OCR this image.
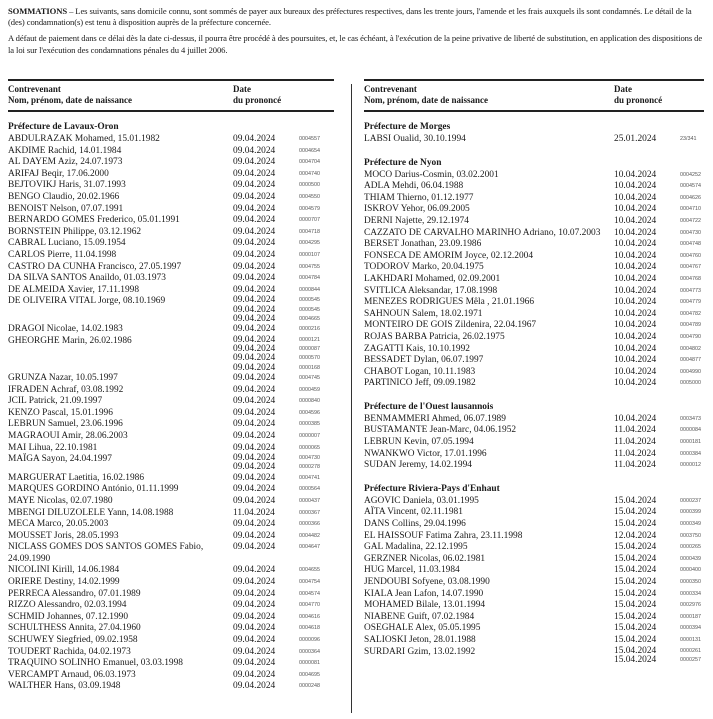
SOMMATIONS – Les suivants, sans domicile connu, sont sommés de payer aux bureaux des préfectures respectives, dans les trente jours, l'amende et les frais auxquels ils sont condamnés. Le détail de la (des) condamnation(s) est tenu à disposition auprès de la préfecture concernée.

A défaut de paiement dans ce délai dès la date ci-dessus, il pourra être procédé à des poursuites, et, le cas échéant, à l'exécution de la peine privative de liberté de substitution, en application des dispositions de la loi sur l'exécution des condamnations pénales du 4 juillet 2006.

Contrevenant
Nom, prénom, date de naissance
Date
du prononcé
Préfecture de Lavaux-Oron
ABDULRAZAK Mohamed, 15.01.1982	09.04.2024	0004557
AKDIME Rachid, 14.01.1984	09.04.2024	0004654
AL DAYEM Aziz, 24.07.1973	09.04.2024	0004704
ARIFAJ Beqir, 17.06.2000	09.04.2024	0004740
BEJTOVIKJ Haris, 31.07.1993	09.04.2024	0000500
BENGO Claudio, 20.02.1966	09.04.2024	0004550
BENOIST Nelson, 07.07.1991	09.04.2024	0004579
BERNARDO GOMES Frederico, 05.01.1991	09.04.2024	0000707
BORNSTEIN Philippe, 03.12.1962	09.04.2024	0004718
CABRAL Luciano, 15.09.1954	09.04.2024	0004295
CARLOS Pierre, 11.04.1998	09.04.2024	0000107
CASTRO DA CUNHA Francisco, 27.05.1997	09.04.2024	0004755
DA SILVA SANTOS Anaildo, 01.03.1973	09.04.2024	0004784
DE ALMEIDA Xavier, 17.11.1998	09.04.2024	0000844
DE OLIVEIRA VITAL Jorge, 08.10.1969	09.04.2024	0000545
09.04.2024	0000545
09.04.2024	0004665
DRAGOI Nicolae, 14.02.1983	09.04.2024	0000216
GHEORGHE Marin, 26.02.1986	09.04.2024	0000121
09.04.2024	0000087
09.04.2024	0000570
09.04.2024	0000168
GRUNZA Nazar, 10.05.1997	09.04.2024	0004745
IFRADEN Achraf, 03.08.1992	09.04.2024	0000459
JCIL Patrick, 21.09.1997	09.04.2024	0000840
KENZO Pascal, 15.01.1996	09.04.2024	0004596
LEBRUN Samuel, 23.06.1996	09.04.2024	0000385
MAGRAOUI Amir, 28.06.2003	09.04.2024	0000007
MAI Lihua, 22.10.1981	09.04.2024	0000065
MAÏGA Sayon, 24.04.1997	09.04.2024	0004730
09.04.2024	0000278
MARGUERAT Laetitia, 16.02.1986	09.04.2024	0004741
MARQUES GORDINO António, 01.11.1999	09.04.2024	0000564
MAYE Nicolas, 02.07.1980	09.04.2024	0000437
MBENGI DILUZOLELE Yann, 14.08.1988	11.04.2024	0000367
MECA Marco, 20.05.2003	09.04.2024	0000366
MOUSSET Joris, 28.05.1993	09.04.2024	0004482
NICLASS GOMES DOS SANTOS GOMES Fabio, 24.09.1990
09.04.2024	0004647
NICOLINI Kirill, 14.06.1984	09.04.2024	0004655
ORIERE Destiny, 14.02.1999	09.04.2024	0004754
PERRECA Alessandro, 07.01.1989	09.04.2024	0004574
RIZZO Alessandro, 02.03.1994	09.04.2024	0004770
SCHMID Johannes, 07.12.1990	09.04.2024	0004616
SCHULTHESS Annita, 27.04.1960	09.04.2024	0004618
SCHUWEY Siegfried, 09.02.1958	09.04.2024	0000096
TOUDERT Rachida, 04.02.1973	09.04.2024	0000364
TRAQUINO SOLINHO Emanuel, 03.03.1998	09.04.2024	0000081
VERCAMPT Arnaud, 06.03.1973	09.04.2024	0004695
WALTHER Hans, 03.09.1948	09.04.2024	0000248
Contrevenant
Nom, prénom, date de naissance
Date
du prononcé
Préfecture de Morges
LABSI Oualid, 30.10.1994	25.01.2024	23/341
Préfecture de Nyon
MOCO Darius-Cosmin, 03.02.2001	10.04.2024	0004252
ADLA Mehdi, 06.04.1988	10.04.2024	0004574
THIAM Thierno, 01.12.1977	10.04.2024	0004626
ISKROV Yehor, 06.09.2005	10.04.2024	0004710
DERNI Najette, 29.12.1974	10.04.2024	0004722
CAZZATO DE CARVALHO MARINHO Adriano, 10.07.2003	10.04.2024	0004730
BERSET Jonathan, 23.09.1986	10.04.2024	0004748
FONSECA DE AMORIM Joyce, 02.12.2004	10.04.2024	0004760
TODOROV Marko, 20.04.1975	10.04.2024	0004767
LAKHDARI Mohamed, 02.09.2001	10.04.2024	0004768
SVITLICA Aleksandar, 17.08.1998	10.04.2024	0004773
MENEZES RODRIGUES Mêla , 21.01.1966	10.04.2024	0004779
SAHNOUN Salem, 18.02.1971	10.04.2024	0004782
MONTEIRO DE GOIS Zildenira, 22.04.1967	10.04.2024	0004789
ROJAS BARBA Patricia, 26.02.1975	10.04.2024	0004790
ZAGATTI Kais, 10.10.1992	10.04.2024	0004802
BESSADET Dylan, 06.07.1997	10.04.2024	0004877
CHABOT Logan, 10.11.1983	10.04.2024	0004990
PARTINICO Jeff, 09.09.1982	10.04.2024	0005000
Préfecture de l'Ouest lausannois
BENMAMMERI Ahmed, 06.07.1989	10.04.2024	0003473
BUSTAMANTE Jean-Marc, 04.06.1952	11.04.2024	0000084
LEBRUN Kevin, 07.05.1994	11.04.2024	0000181
NWANKWO Victor, 17.01.1996	11.04.2024	0000384
SUDAN Jeremy, 14.02.1994	11.04.2024	0000012
Préfecture Riviera-Pays d'Enhaut
AGOVIC Daniela, 03.01.1995	15.04.2024	0000237
AÏTA Vincent, 02.11.1981	15.04.2024	0000399
DANS Collins, 29.04.1996	15.04.2024	0000349
EL HAISSOUF Fatima Zahra, 23.11.1998	12.04.2024	0003750
GAL Madalina, 22.12.1995	15.04.2024	0000265
GERZNER Nicolas, 06.02.1981	15.04.2024	0000439
HUG Marcel, 11.03.1984	15.04.2024	0000400
JENDOUBI Sofyene, 03.08.1990	15.04.2024	0000350
KIALA Jean Lafon, 14.07.1990	15.04.2024	0000334
MOHAMED Bilale, 13.01.1994	15.04.2024	0002976
NIABENE Guift, 07.02.1984	15.04.2024	0000187
OSEGHALE Alex, 05.05.1995	15.04.2024	0000394
SALIOSKI Jeton, 28.01.1988	15.04.2024	0000131
SURDARI Gzim, 13.02.1992	15.04.2024	0000261
15.04.2024	0000257
